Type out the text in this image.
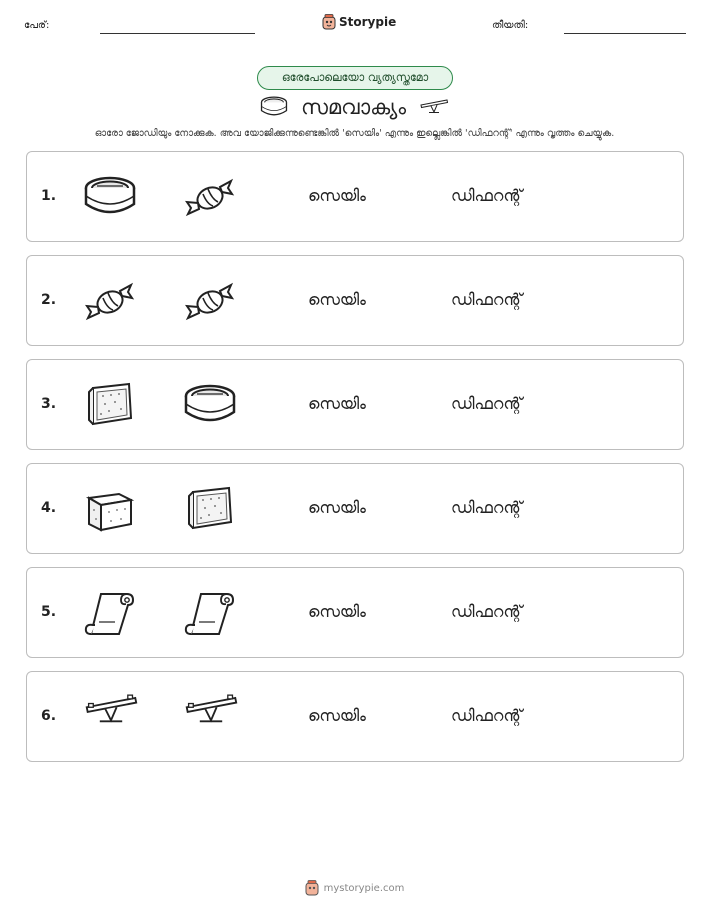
പേര്:	Storypie	തീയതി:
ഒരേപോലെയോ വ്യത്യസ്തമോ
സമവാക്യം
ഓരോ ജോഡിയും നോക്കുക. അവ യോജിക്കുന്നുണ്ടെങ്കിൽ 'സെയിം' എന്നും ഇല്ലെങ്കിൽ 'ഡിഫറന്റ്' എന്നും വൃത്തം ചെയ്യുക.
1.	സെയിം	ഡിഫറന്റ്
2.	സെയിം	ഡിഫറന്റ്
3.	സെയിം	ഡിഫറന്റ്
4.	സെയിം	ഡിഫറന്റ്
5.	സെയിം	ഡിഫറന്റ്
6.	സെയിം	ഡിഫറന്റ്
mystorypie.com
